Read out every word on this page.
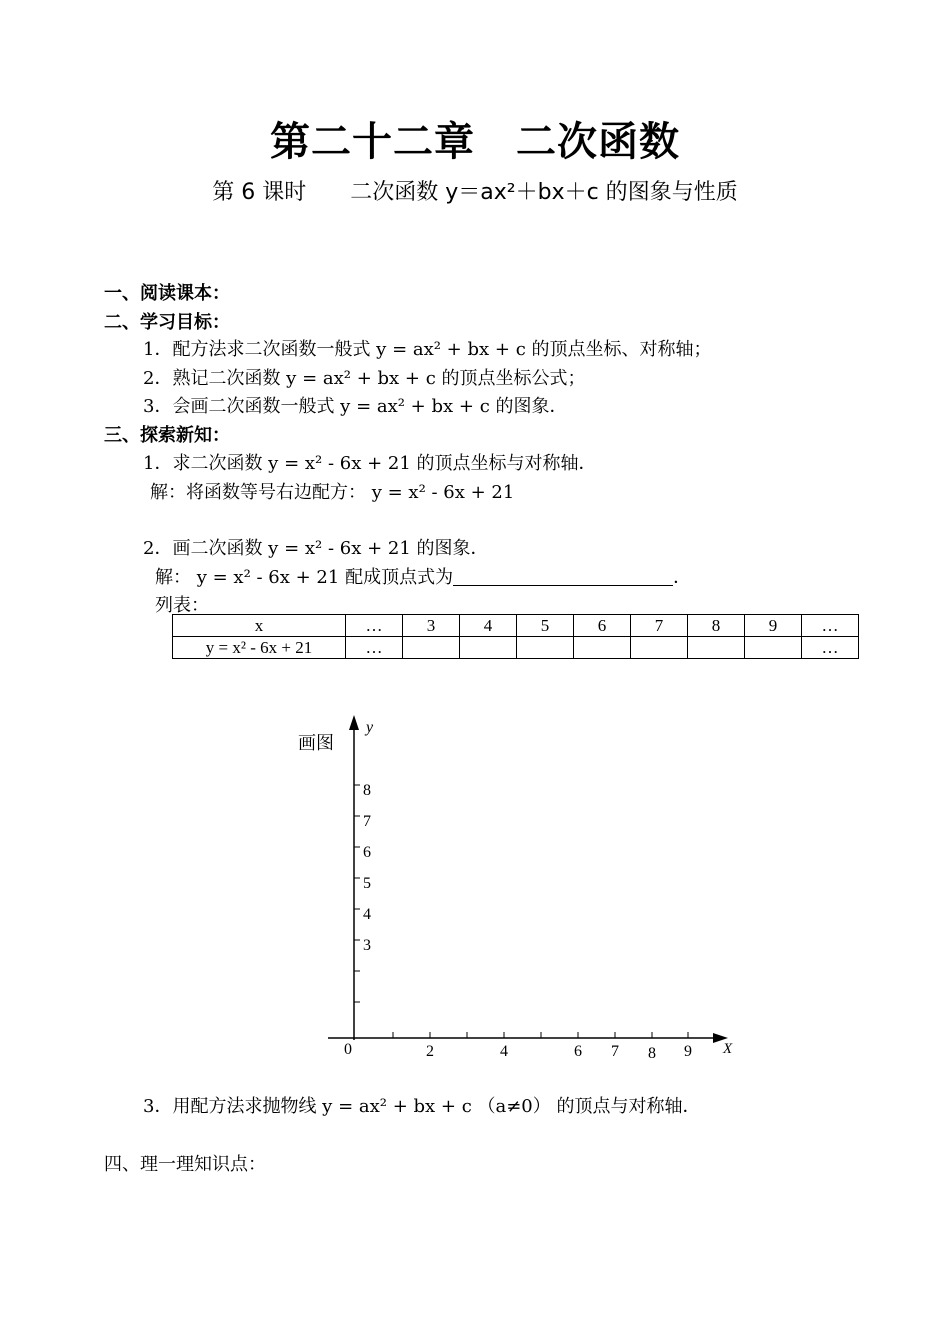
第二十二章　二次函数
第 6 课时　　二次函数 y＝ax²＋bx＋c 的图象与性质
一、阅读课本：
二、学习目标：
1．配方法求二次函数一般式 y = ax² + bx + c 的顶点坐标、对称轴；
2．熟记二次函数 y = ax² + bx + c 的顶点坐标公式；
3．会画二次函数一般式 y = ax² + bx + c 的图象．
三、探索新知：
1．求二次函数 y = x² - 6x + 21 的顶点坐标与对称轴．
解：将函数等号右边配方： y = x² - 6x + 21
2．画二次函数 y = x² - 6x + 21 的图象．
解： y = x² - 6x + 21 配成顶点式为	．
列表：
x	…	3	4	5	6	7	8	9	…
y = x² - 6x + 21	…								…
画图
y
X
0
3
4
5
6
7
8
2	4	6 7 8 9
3．用配方法求抛物线 y = ax² + bx + c （a≠0） 的顶点与对称轴．
四、理一理知识点：
